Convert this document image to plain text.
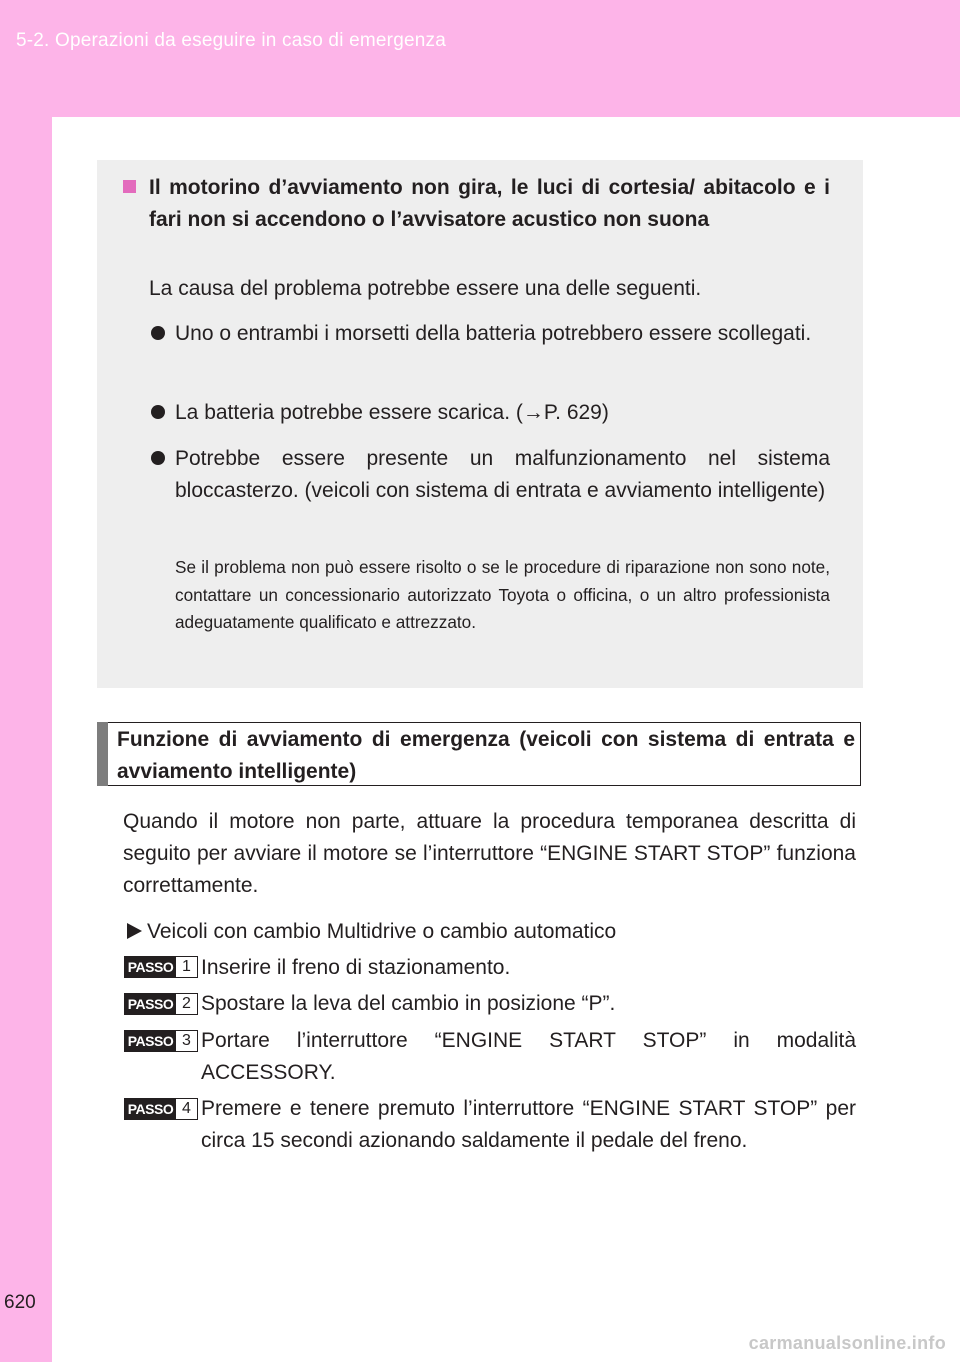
5-2. Operazioni da eseguire in caso di emergenza
620
Il motorino d’avviamento non gira, le luci di cortesia/ abitacolo e i fari non si accendono o l’avvisatore acustico non suona
La causa del problema potrebbe essere una delle seguenti.
Uno o entrambi i morsetti della batteria potrebbero essere scollegati.
La batteria potrebbe essere scarica. (→P. 629)
Potrebbe essere presente un malfunzionamento nel sistema bloccasterzo. (veicoli con sistema di entrata e avviamento intelligente)
Se il problema non può essere risolto o se le procedure di riparazione non sono note, contattare un concessionario autorizzato Toyota o officina, o un altro professionista adeguatamente qualificato e attrezzato.
Funzione di avviamento di emergenza (veicoli con sistema di entrata e avviamento intelligente)
Quando il motore non parte, attuare la procedura temporanea descritta di seguito per avviare il motore se l’interruttore “ENGINE START STOP” funziona correttamente.
Veicoli con cambio Multidrive o cambio automatico
PASSO 1 Inserire il freno di stazionamento.
PASSO 2 Spostare la leva del cambio in posizione “P”.
PASSO 3 Portare l’interruttore “ENGINE START STOP” in modalità ACCESSORY.
PASSO 4 Premere e tenere premuto l’interruttore “ENGINE START STOP” per circa 15 secondi azionando saldamente il pedale del freno.
carmanualsonline.info
